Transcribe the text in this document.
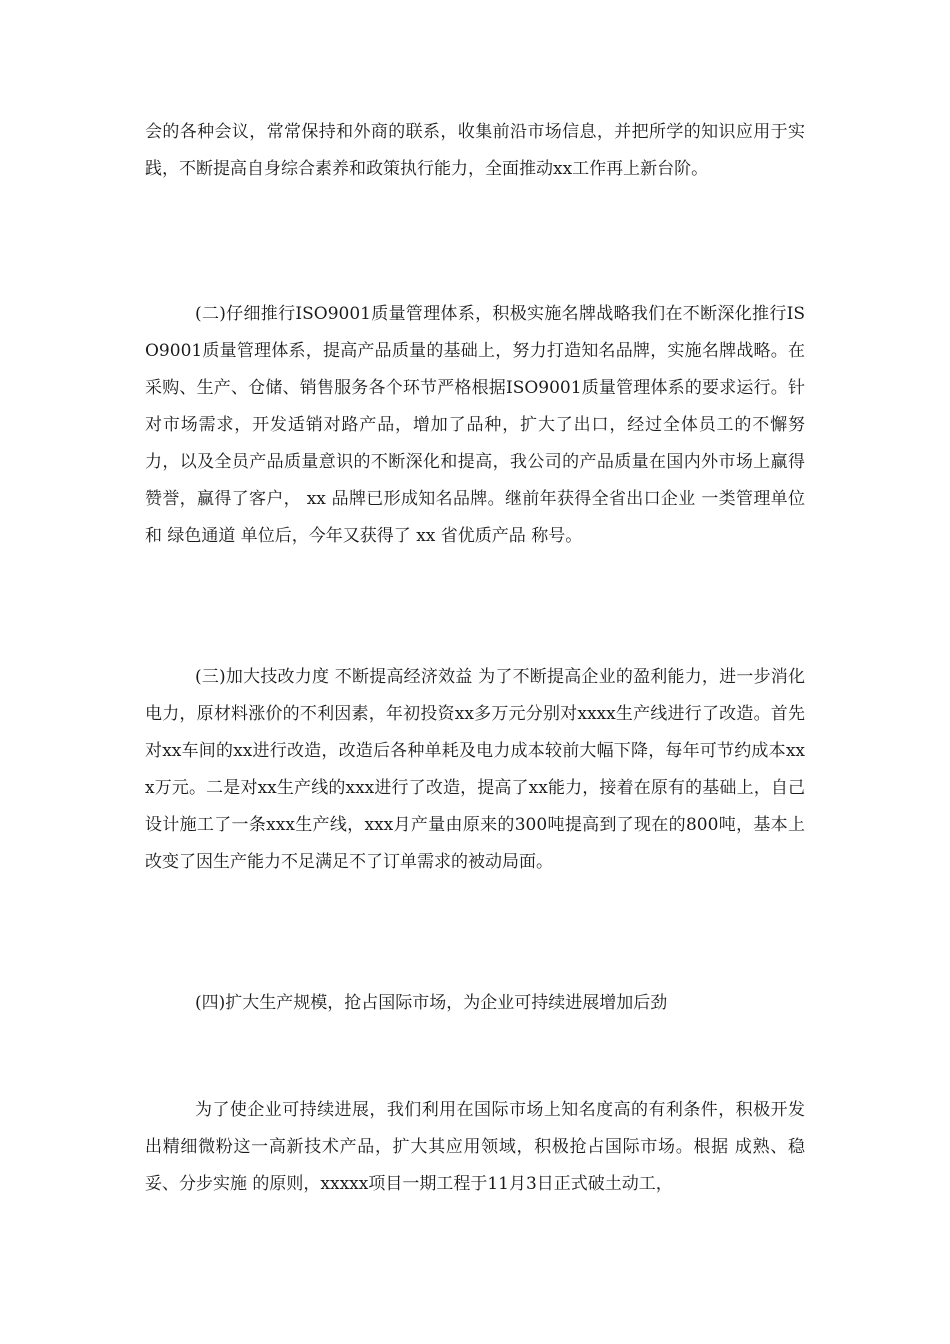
会的各种会议，常常保持和外商的联系，收集前沿市场信息，并把所学的知识应用于实践，不断提高自身综合素养和政策执行能力，全面推动xx工作再上新台阶。

(二)仔细推行ISO9001质量管理体系，积极实施名牌战略我们在不断深化推行ISO9001质量管理体系，提高产品质量的基础上，努力打造知名品牌，实施名牌战略。在采购、生产、仓储、销售服务各个环节严格根据ISO9001质量管理体系的要求运行。针对市场需求，开发适销对路产品，增加了品种，扩大了出口，经过全体员工的不懈努力，以及全员产品质量意识的不断深化和提高，我公司的产品质量在国内外市场上赢得赞誉，赢得了客户， xx 品牌已形成知名品牌。继前年获得全省出口企业 一类管理单位 和 绿色通道 单位后，今年又获得了 xx 省优质产品 称号。

(三)加大技改力度 不断提高经济效益 为了不断提高企业的盈利能力，进一步消化电力，原材料涨价的不利因素，年初投资xx多万元分别对xxxx生产线进行了改造。首先对xx车间的xx进行改造，改造后各种单耗及电力成本较前大幅下降，每年可节约成本xxx万元。二是对xx生产线的xxx进行了改造，提高了xx能力，接着在原有的基础上，自己设计施工了一条xxx生产线，xxx月产量由原来的300吨提高到了现在的800吨，基本上改变了因生产能力不足满足不了订单需求的被动局面。

(四)扩大生产规模，抢占国际市场，为企业可持续进展增加后劲

为了使企业可持续进展，我们利用在国际市场上知名度高的有利条件，积极开发出精细微粉这一高新技术产品，扩大其应用领域，积极抢占国际市场。根据 成熟、稳妥、分步实施 的原则，xxxxx项目一期工程于11月3日正式破土动工，
